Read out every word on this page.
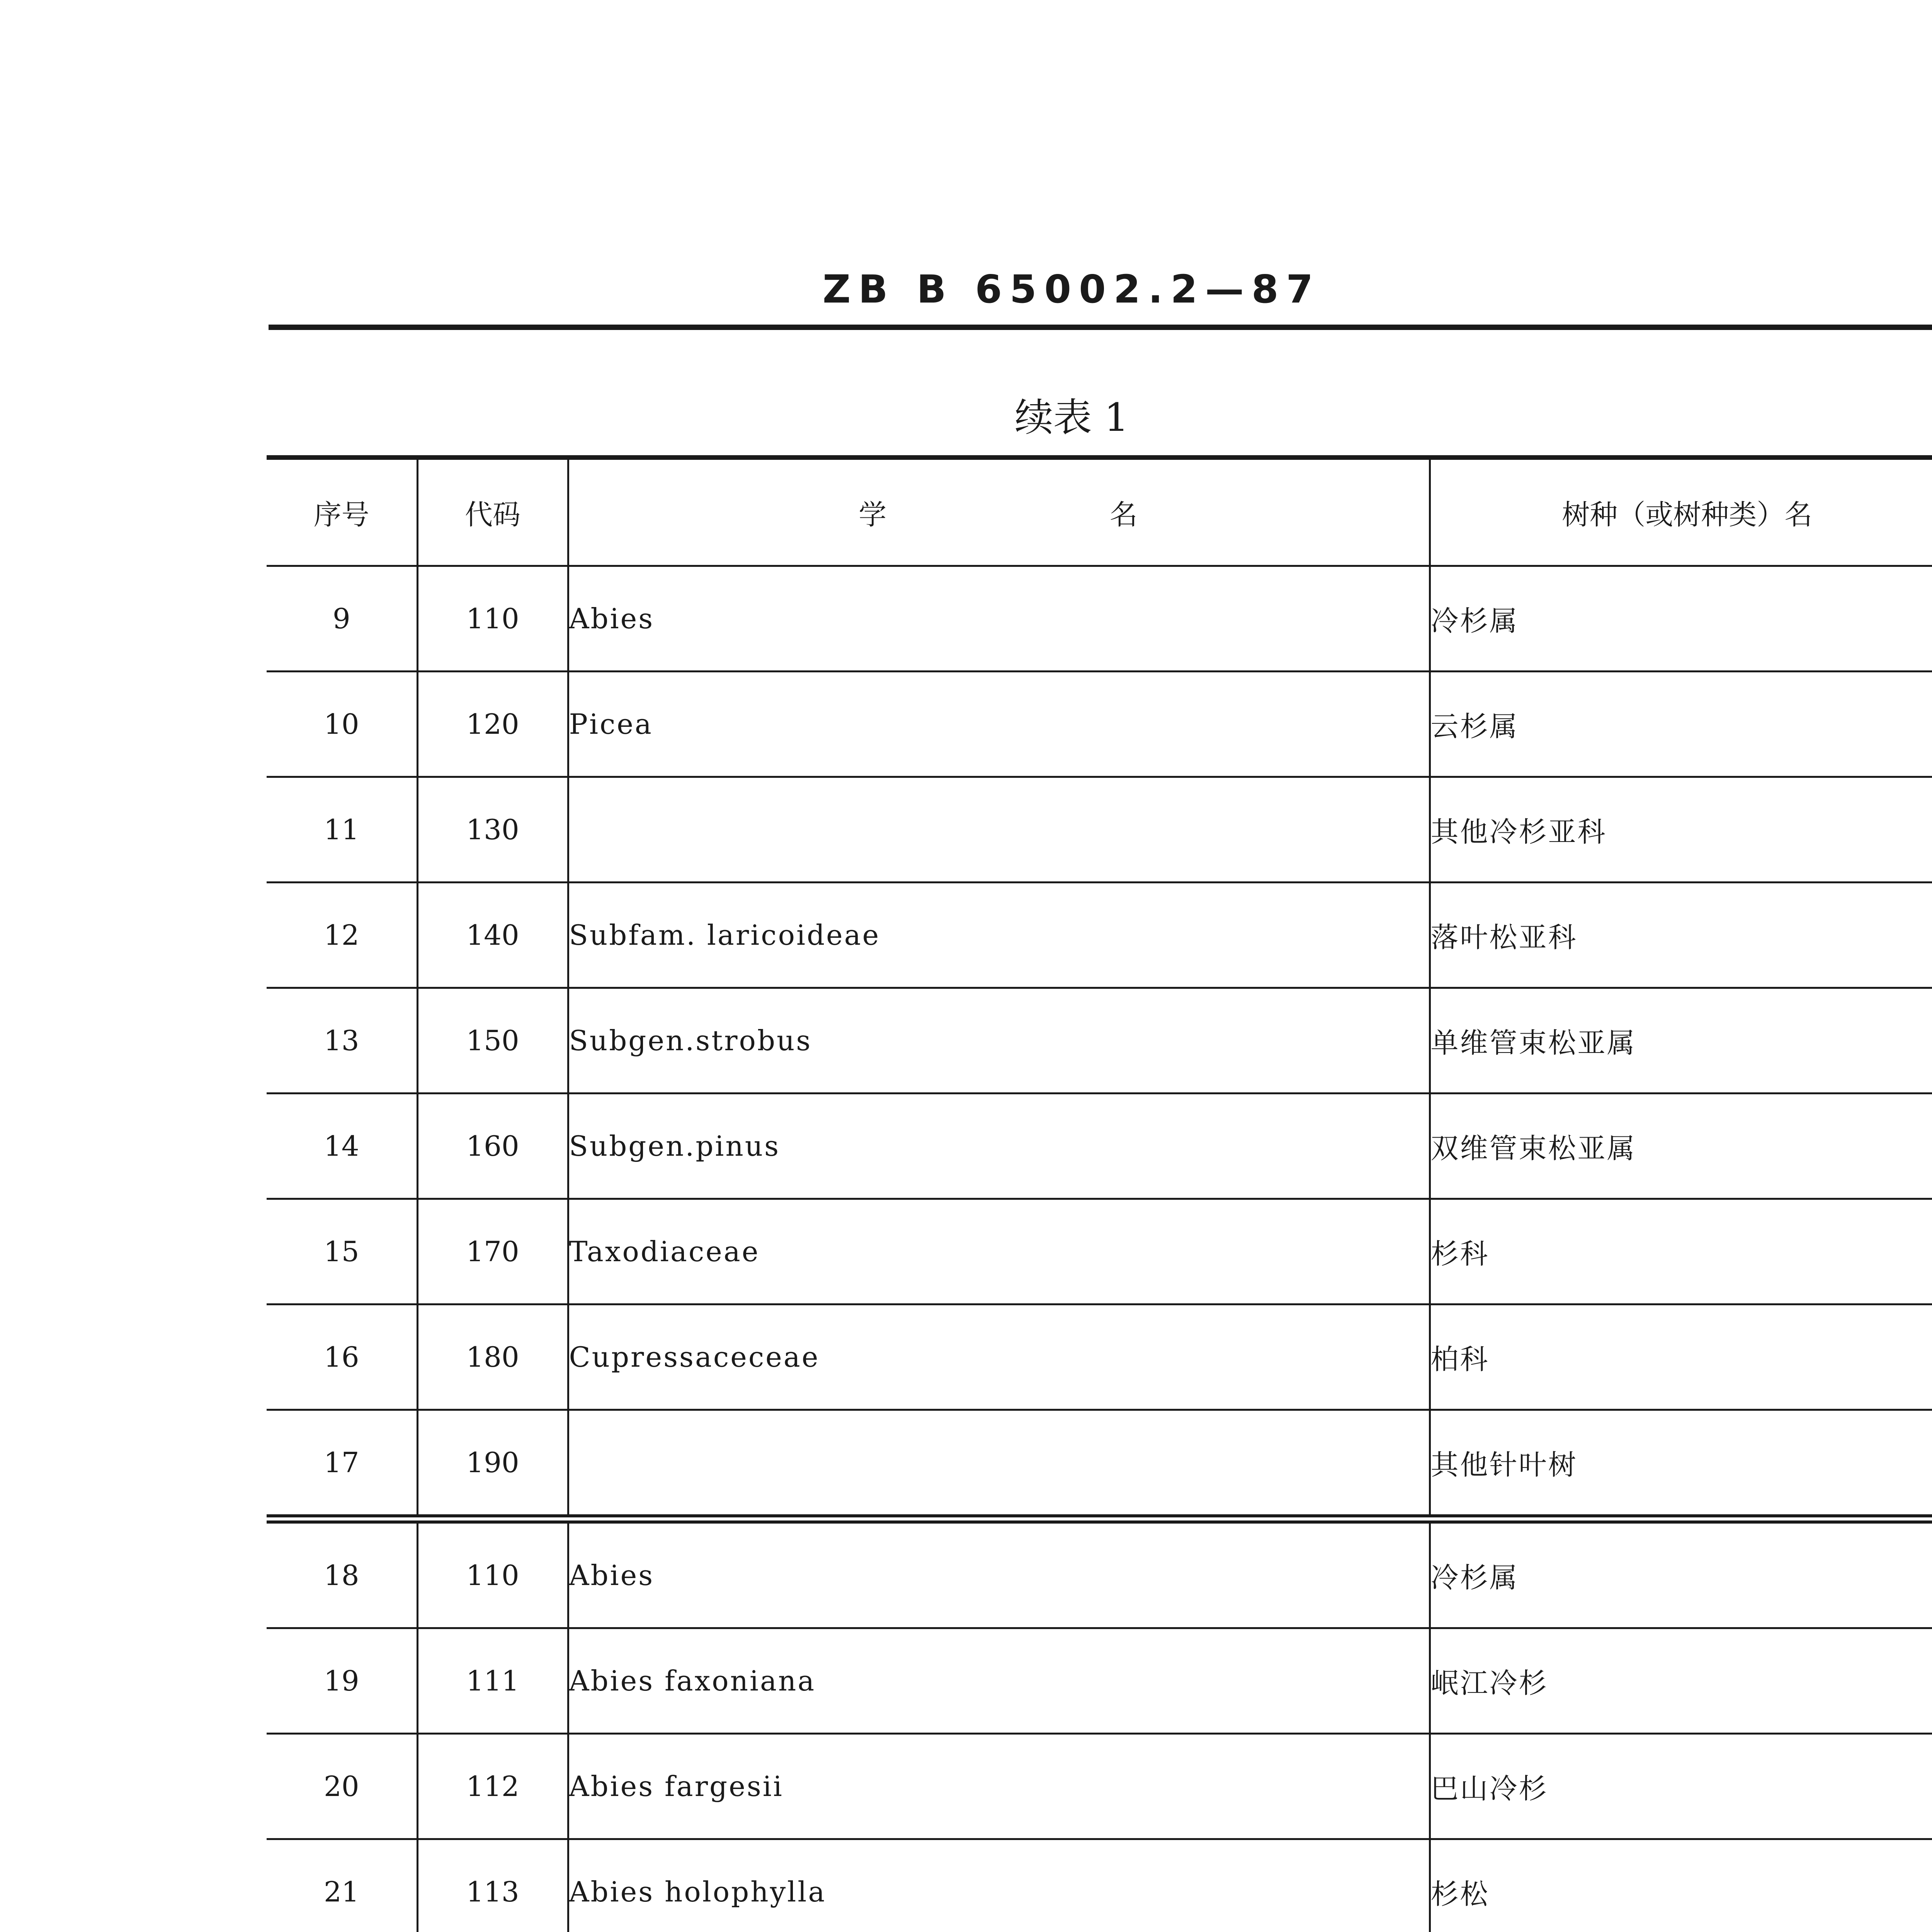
ZB B 65002.2—87
续表 1
序号	代码	学 名	树种（或树种类）名
9	110	Abies	冷杉属
10	120	Picea	云杉属
11	130		其他冷杉亚科
12	140	Subfam. laricoideae	落叶松亚科
13	150	Subgen.strobus	单维管束松亚属
14	160	Subgen.pinus	双维管束松亚属
15	170	Taxodiaceae	杉科
16	180	Cupressaceceae	柏科
17	190		其他针叶树
18	110	Abies	冷杉属
19	111	Abies faxoniana	岷江冷杉
20	112	Abies fargesii	巴山冷杉
21	113	Abies holophylla	杉松
